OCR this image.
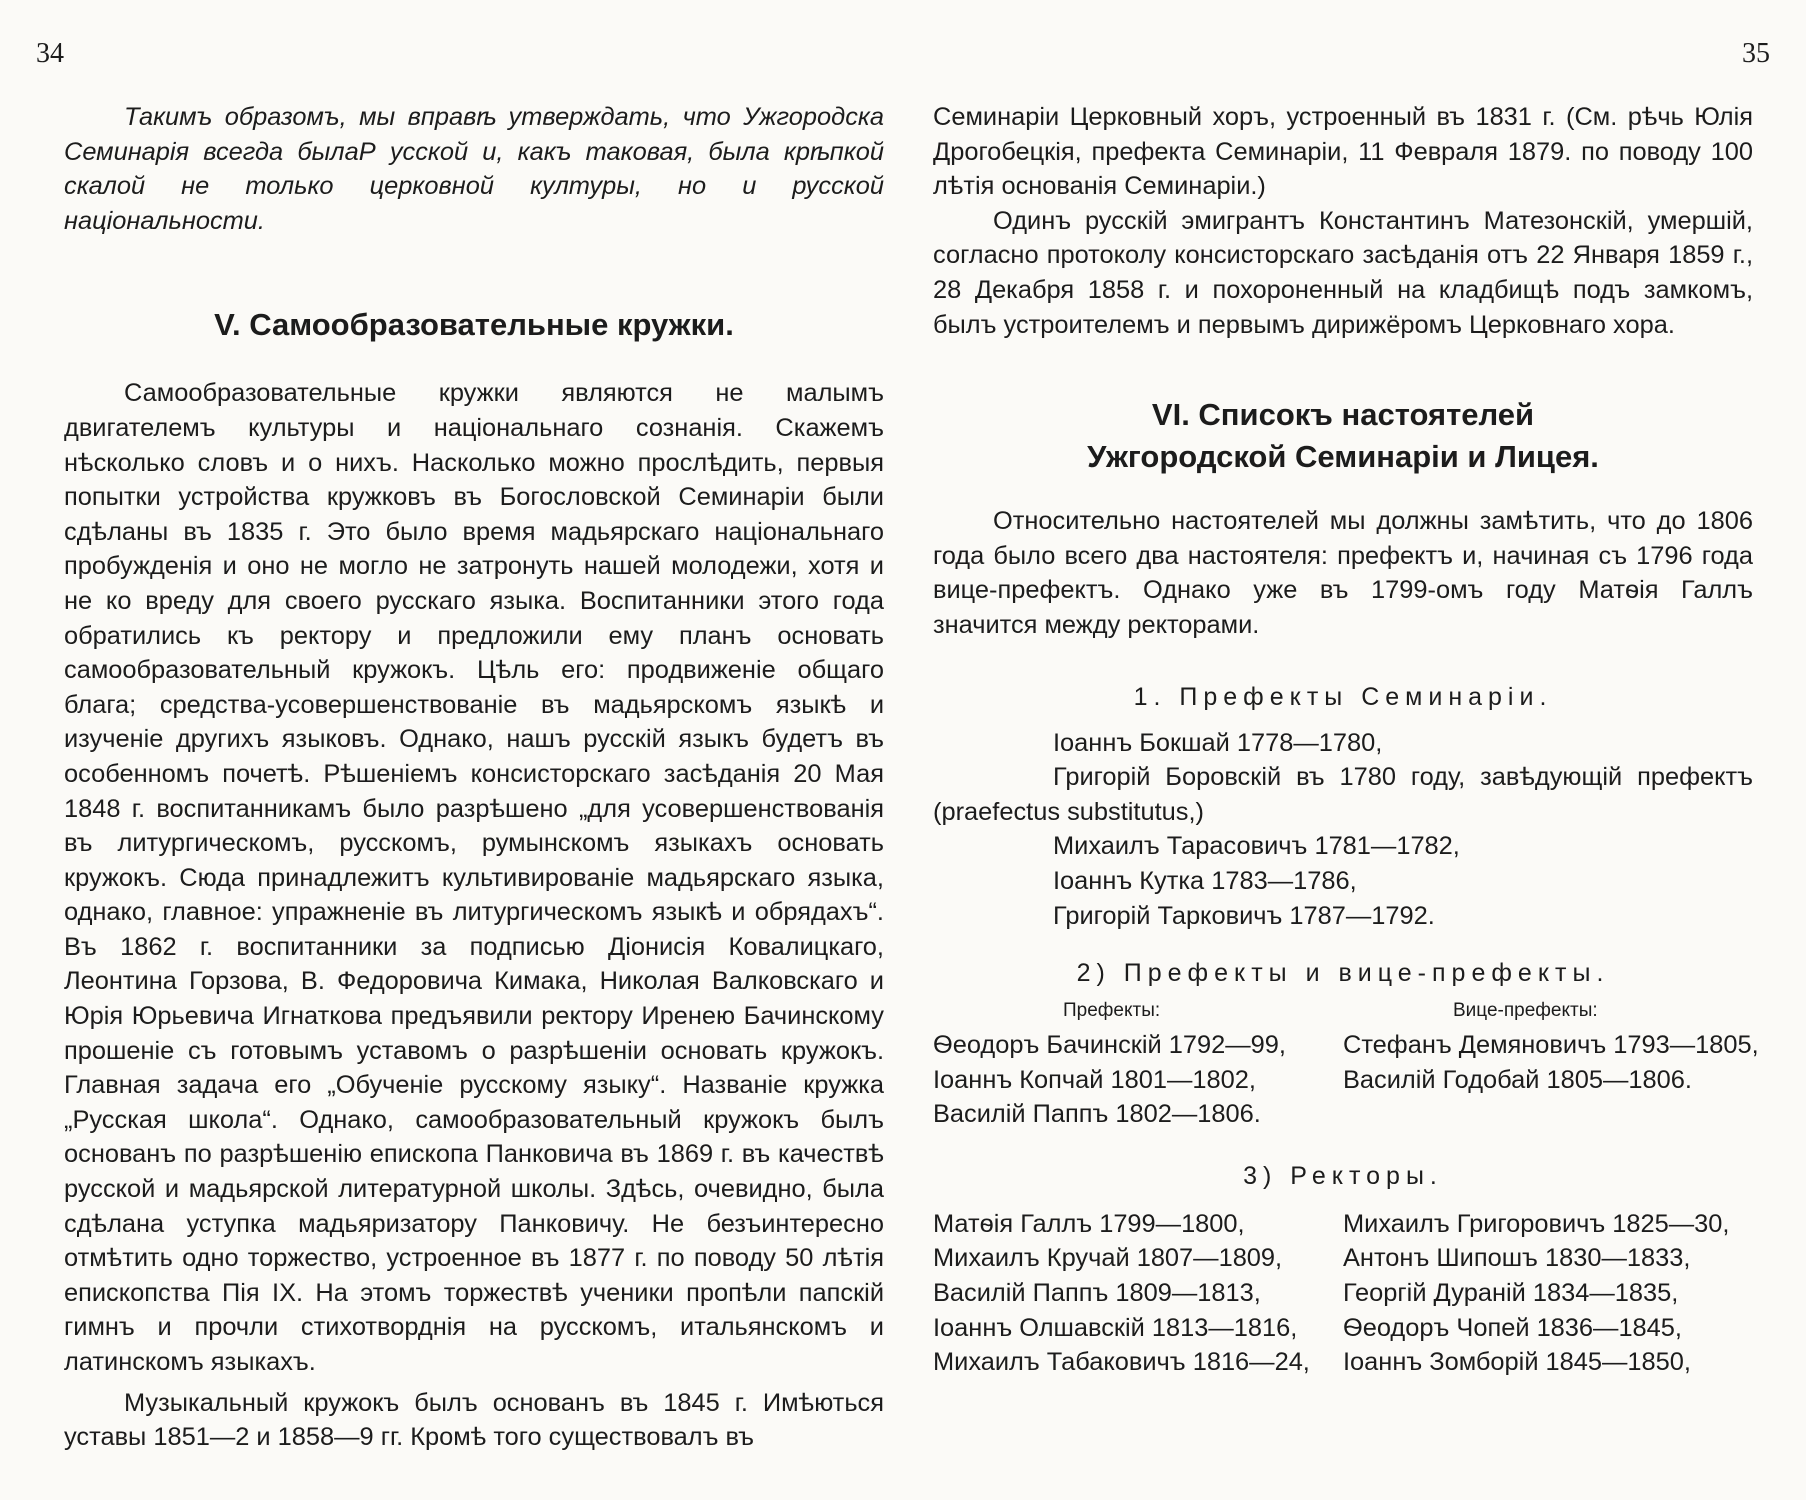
34

Такимъ образомъ, мы вправѣ утверждать, что Ужгородска Семинарія всегда былаР усской и, какъ таковая, была крѣпкой скалой не только церковной културы, но и русской національности.

V. Самообразовательные кружки.

Самообразовательные кружки являются не малымъ двигателемъ культуры и національнаго сознанія. Скажемъ нѣсколько словъ и о нихъ. Насколько можно прослѣдить, первыя попытки устройства кружковъ въ Богословской Семинаріи были сдѣланы въ 1835 г. Это было время мадьярскаго національнаго пробужденія и оно не могло не затронуть нашей молодежи, хотя и не ко вреду для своего русскаго языка. Воспитанники этого года обратились къ ректору и предложили ему планъ основать самообразовательный кружокъ. Цѣль его: продвиженіе общаго блага; средства-усовершенствованіе въ мадьярскомъ языкѣ и изученіе другихъ языковъ. Однако, нашъ русскій языкъ будетъ въ особенномъ почетѣ. Рѣшеніемъ консисторскаго засѣданія 20 Мая 1848 г. воспитанникамъ было разрѣшено „для усовершенствованія въ литургическомъ, русскомъ, румынскомъ языкахъ основать кружокъ. Сюда принадлежитъ культивированіе мадьярскаго языка, однако, главное: упражненіе въ литургическомъ языкѣ и обрядахъ“. Въ 1862 г. воспитанники за подписью Діонисія Ковалицкаго, Леонтина Горзова, В. Федоровича Кимака, Николая Валковскаго и Юрія Юрьевича Игнаткова предъявили ректору Иренею Бачинскому прошеніе съ готовымъ уставомъ о разрѣшеніи основать кружокъ. Главная задача его „Обученіе русскому языку“. Названіе кружка „Русская школа“. Однако, самообразовательный кружокъ былъ основанъ по разрѣшенію епископа Панковича въ 1869 г. въ качествѣ русской и мадьярской литературной школы. Здѣсь, очевидно, была сдѣлана уступка мадьяризатору Панковичу. Не безъинтересно отмѣтить одно торжество, устроенное въ 1877 г. по поводу 50 лѣтія епископства Пія IX. На этомъ торжествѣ ученики пропѣли папскій гимнъ и прочли стихотворднія на русскомъ, итальянскомъ и латинскомъ языкахъ.

Музыкальный кружокъ былъ основанъ въ 1845 г. Имѣються уставы 1851—2 и 1858—9 гг. Кромѣ того существовалъ въ

35

Семинаріи Церковный хоръ, устроенный въ 1831 г. (См. рѣчь Юлія Дрогобецкія, префекта Семинаріи, 11 Февраля 1879. по поводу 100 лѣтія основанія Семинаріи.)

Одинъ русскій эмигрантъ Константинъ Матезонскій, умершій, согласно протоколу консисторскаго засѣданія отъ 22 Января 1859 г., 28 Декабря 1858 г. и похороненный на кладбищѣ подъ замкомъ, былъ устроителемъ и первымъ дирижёромъ Церковнаго хора.

VI. Списокъ настоятелей
Ужгородской Семинаріи и Лицея.

Относительно настоятелей мы должны замѣтить, что до 1806 года было всего два настоятеля: префектъ и, начиная съ 1796 года вице-префектъ. Однако уже въ 1799-омъ году Матѳія Галлъ значится между ректорами.

1. Префекты Семинаріи.
Іоаннъ Бокшай 1778—1780,
Григорій Боровскій въ 1780 году, завѣдующій префектъ (praefectus substitutus,)
Михаилъ Тарасовичъ 1781—1782,
Іоаннъ Кутка 1783—1786,
Григорій Тарковичъ 1787—1792.
2) Префекты и вице-префекты.
Префекты:	Вице-префекты:
Ѳеодоръ Бачинскій 1792—99,
Іоаннъ Копчай 1801—1802,
Василій Паппъ 1802—1806.
Стефанъ Демяновичъ 1793—1805,
Василій Годобай 1805—1806.
3) Ректоры.
Матѳія Галлъ 1799—1800,
Михаилъ Кручай 1807—1809,
Василій Паппъ 1809—1813,
Іоаннъ Олшавскій 1813—1816,
Михаилъ Табаковичъ 1816—24,
Михаилъ Григоровичъ 1825—30,
Антонъ Шипошъ 1830—1833,
Георгій Дураній 1834—1835,
Ѳеодоръ Чопей 1836—1845,
Іоаннъ Зомборій 1845—1850,
